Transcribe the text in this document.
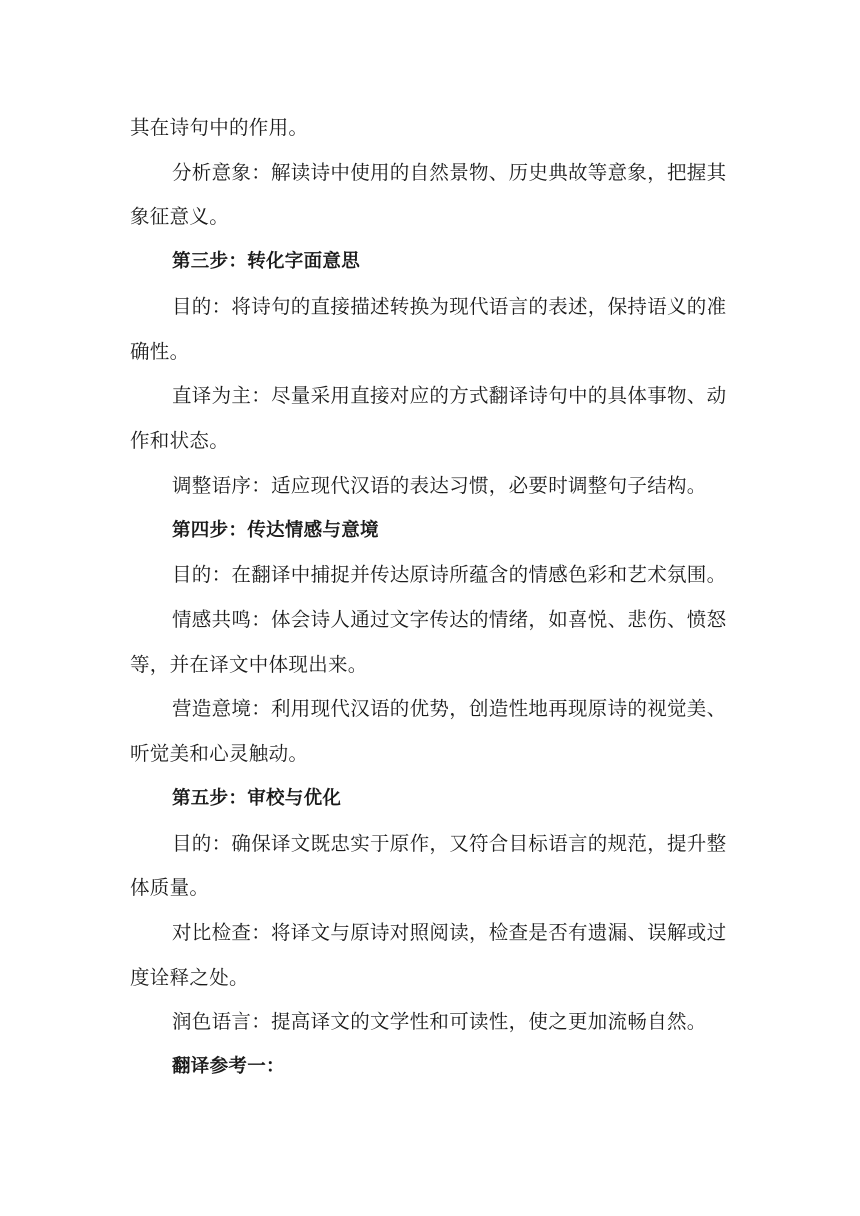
其在诗句中的作用。
分析意象：解读诗中使用的自然景物、历史典故等意象，把握其
象征意义。
第三步：转化字面意思
目的：将诗句的直接描述转换为现代语言的表述，保持语义的准
确性。
直译为主：尽量采用直接对应的方式翻译诗句中的具体事物、动
作和状态。
调整语序：适应现代汉语的表达习惯，必要时调整句子结构。
第四步：传达情感与意境
目的：在翻译中捕捉并传达原诗所蕴含的情感色彩和艺术氛围。
情感共鸣：体会诗人通过文字传达的情绪，如喜悦、悲伤、愤怒
等，并在译文中体现出来。
营造意境：利用现代汉语的优势，创造性地再现原诗的视觉美、
听觉美和心灵触动。
第五步：审校与优化
目的：确保译文既忠实于原作，又符合目标语言的规范，提升整
体质量。
对比检查：将译文与原诗对照阅读，检查是否有遗漏、误解或过
度诠释之处。
润色语言：提高译文的文学性和可读性，使之更加流畅自然。
翻译参考一：
